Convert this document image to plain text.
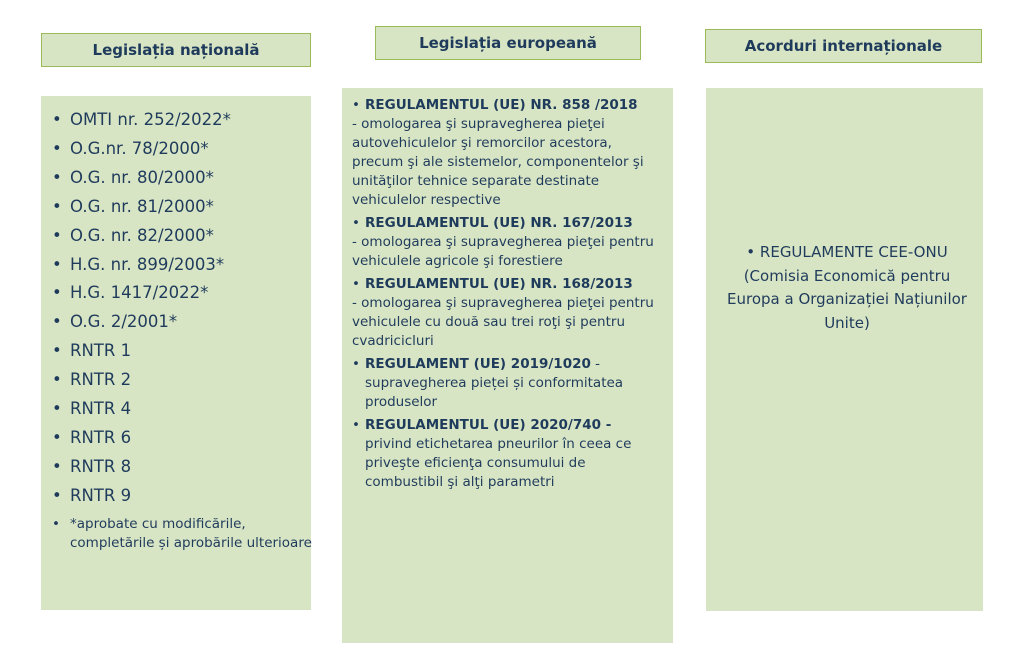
Legislația națională
• OMTI nr. 252/2022*
• O.G.nr. 78/2000*
• O.G. nr. 80/2000*
• O.G. nr. 81/2000*
• O.G. nr. 82/2000*
• H.G. nr. 899/2003*
• H.G. 1417/2022*
• O.G. 2/2001*
• RNTR 1
• RNTR 2
• RNTR 4
• RNTR 6
• RNTR 8
• RNTR 9
• *aprobate cu modificările, completările și aprobările ulterioare
Legislația europeană
• REGULAMENTUL (UE) NR. 858 /2018
- omologarea şi supravegherea pieţei autovehiculelor şi remorcilor acestora, precum şi ale sistemelor, componentelor şi unităţilor tehnice separate destinate vehiculelor respective
• REGULAMENTUL (UE) NR. 167/2013
- omologarea şi supravegherea pieţei pentru vehiculele agricole şi forestiere
• REGULAMENTUL (UE) NR. 168/2013
- omologarea şi supravegherea pieţei pentru vehiculele cu două sau trei roţi şi pentru cvadricicluri
• REGULAMENT (UE) 2019/1020 - supravegherea pieței și conformitatea produselor
• REGULAMENTUL (UE) 2020/740 - privind etichetarea pneurilor în ceea ce priveşte eficienţa consumului de combustibil şi alţi parametri
Acorduri internaționale
• REGULAMENTE CEE-ONU (Comisia Economică pentru Europa a Organizației Națiunilor Unite)
